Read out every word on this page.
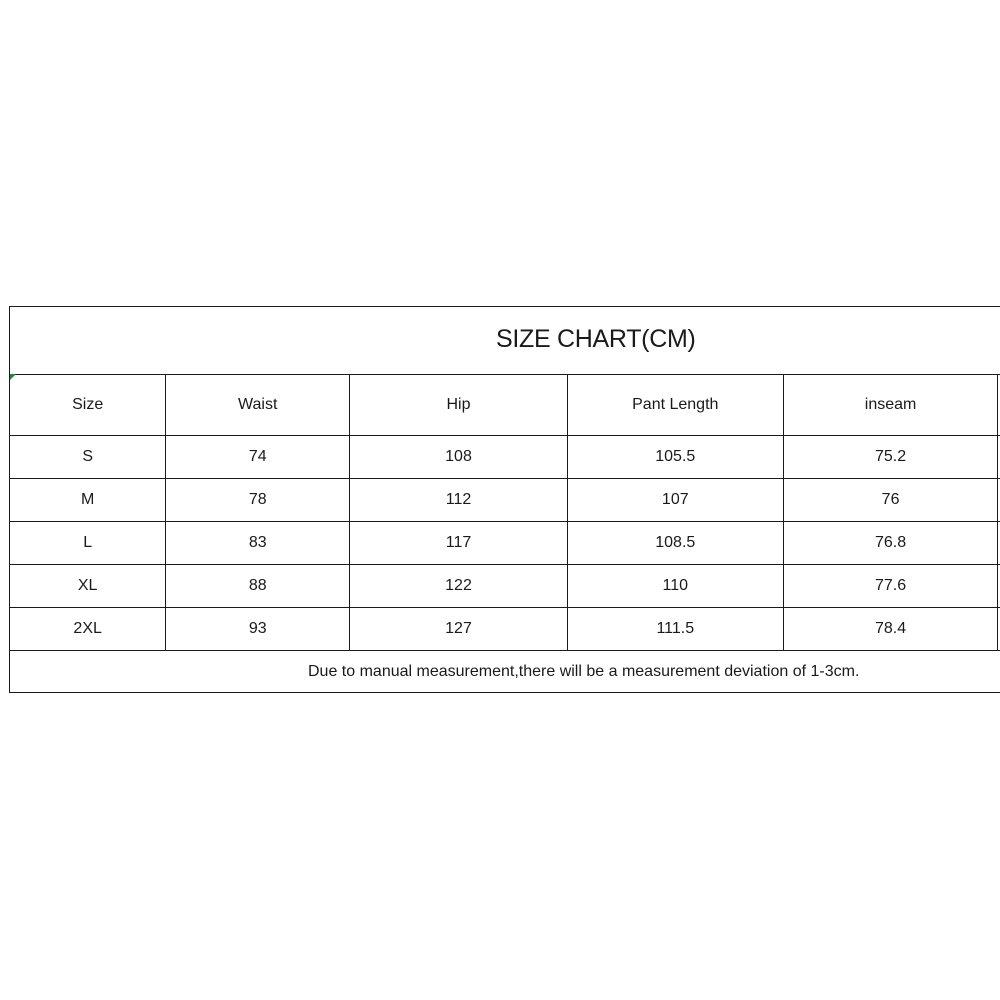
SIZE CHART(CM)
Size	Waist	Hip	Pant Length	inseam	
S	74	108	105.5	75.2	
M	78	112	107	76	
L	83	117	108.5	76.8	
XL	88	122	110	77.6	
2XL	93	127	111.5	78.4	
Due to manual measurement,there will be a measurement deviation of 1-3cm.
